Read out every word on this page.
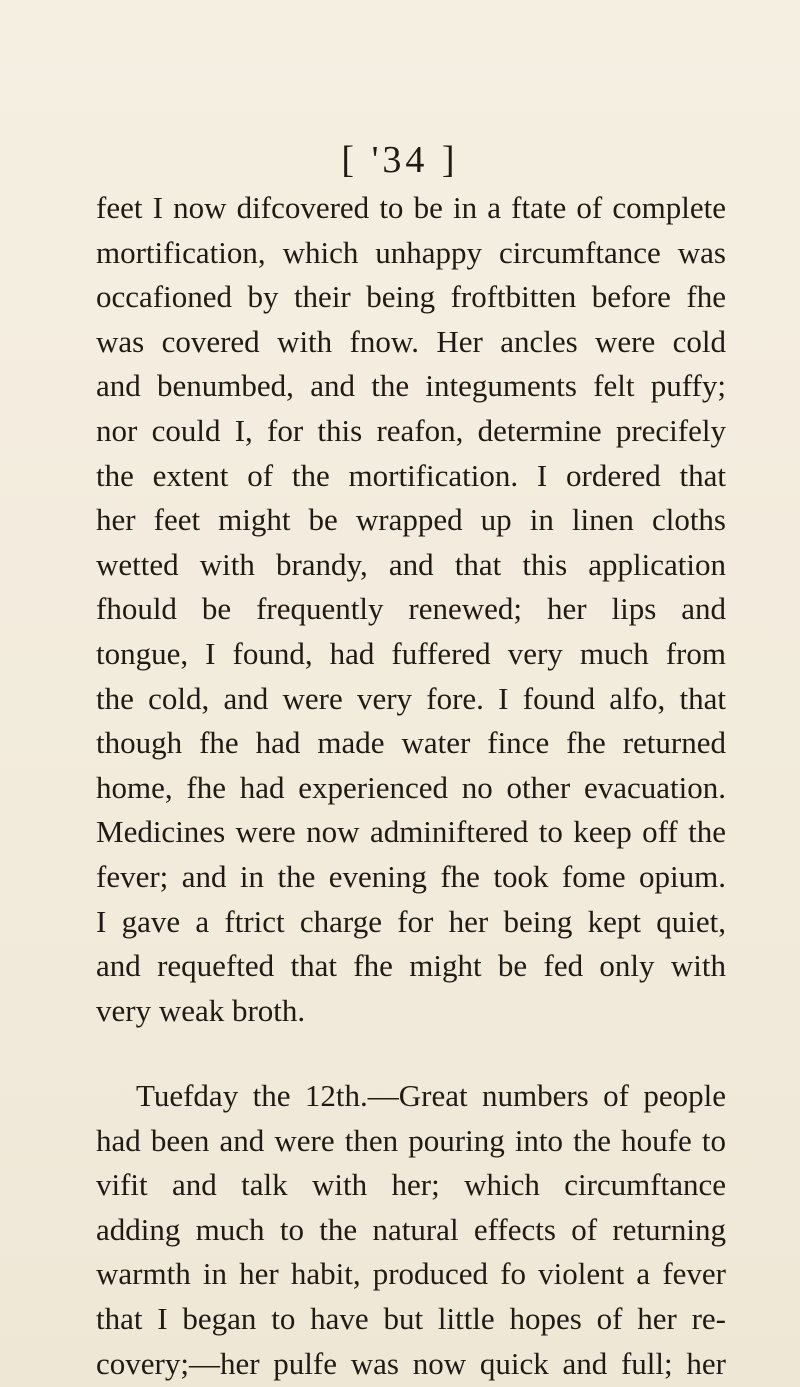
[ '34 ]
feet I now difcovered to be in a ftate of complete
mortification, which unhappy circumftance was
occafioned by their being froftbitten before fhe
was covered with fnow. Her ancles were cold
and benumbed, and the integuments felt puffy;
nor could I, for this reafon, determine precifely
the extent of the mortification. I ordered that
her feet might be wrapped up in linen cloths
wetted with brandy, and that this application
fhould be frequently renewed; her lips and
tongue, I found, had fuffered very much from
the cold, and were very fore. I found alfo, that
though fhe had made water fince fhe returned
home, fhe had experienced no other evacuation.
Medicines were now adminiftered to keep off the
fever; and in the evening fhe took fome opium.
I gave a ftrict charge for her being kept quiet,
and requefted that fhe might be fed only with
very weak broth.
Tuefday the 12th.—Great numbers of people
had been and were then pouring into the houfe to
vifit and talk with her; which circumftance
adding much to the natural effects of returning
warmth in her habit, produced fo violent a fever
that I began to have but little hopes of her re-
covery;—her pulfe was now quick and full; her
